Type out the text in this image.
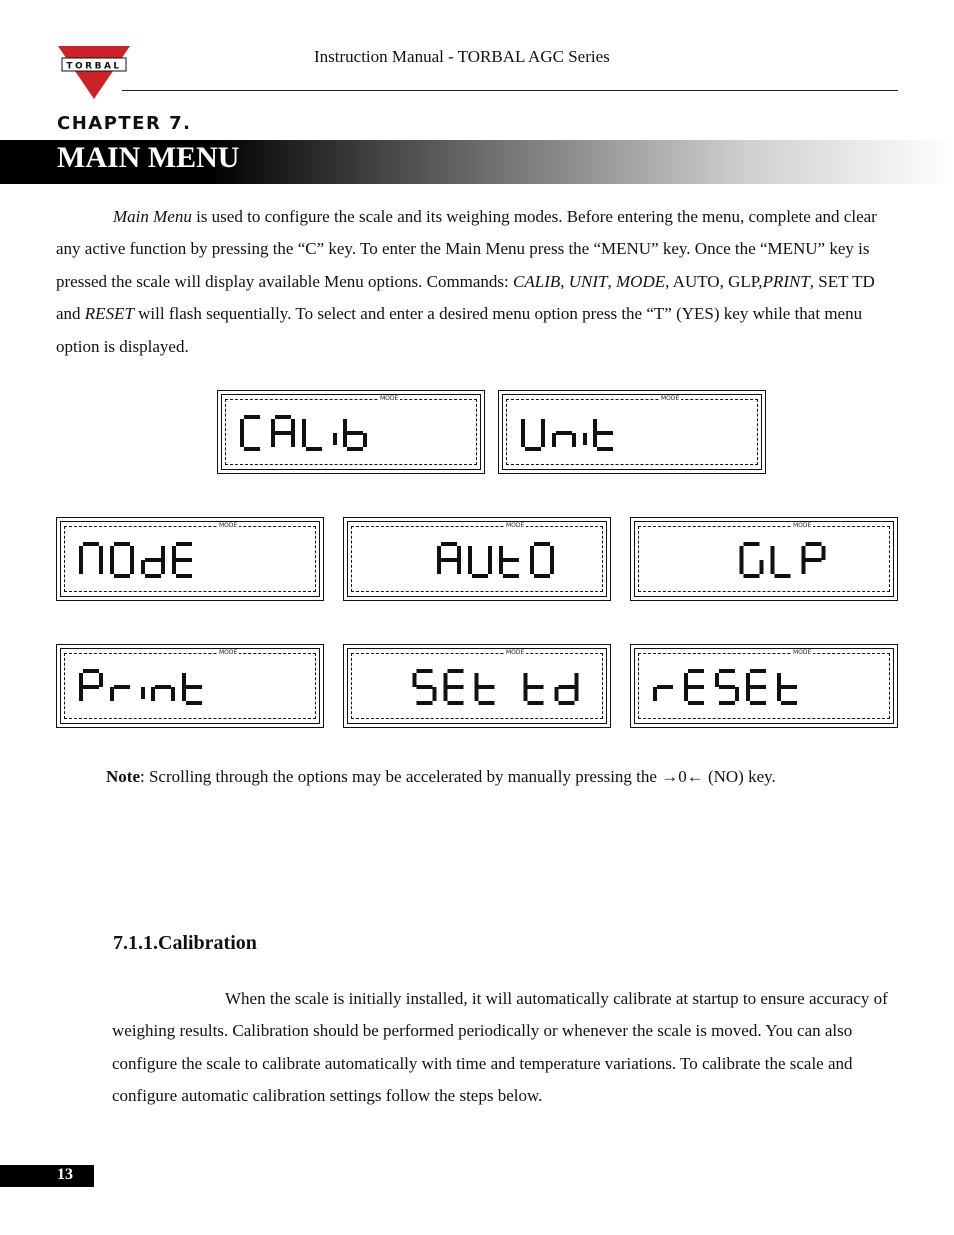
TORBAL
Instruction Manual - TORBAL AGC Series
CHAPTER 7.
MAIN MENU
Main Menu is used to configure the scale and its weighing modes. Before entering the menu, complete and clear any active function by pressing the “C” key. To enter the Main Menu press the “MENU” key. Once the “MENU” key is pressed the scale will display available Menu options. Commands: CALIB, UNIT, MODE, AUTO, GLP,PRINT, SET TD and RESET will flash sequentially. To select and enter a desired menu option press the “T” (YES) key while that menu option is displayed.
MODE	MODE
MODE	MODE	MODE
MODE	MODE	MODE
Note: Scrolling through the options may be accelerated by manually pressing the →0← (NO) key.
7.1.1.Calibration
When the scale is initially installed, it will automatically calibrate at startup to ensure accuracy of weighing results. Calibration should be performed periodically or whenever the scale is moved. You can also configure the scale to calibrate automatically with time and temperature variations. To calibrate the scale and configure automatic calibration settings follow the steps below.
13
